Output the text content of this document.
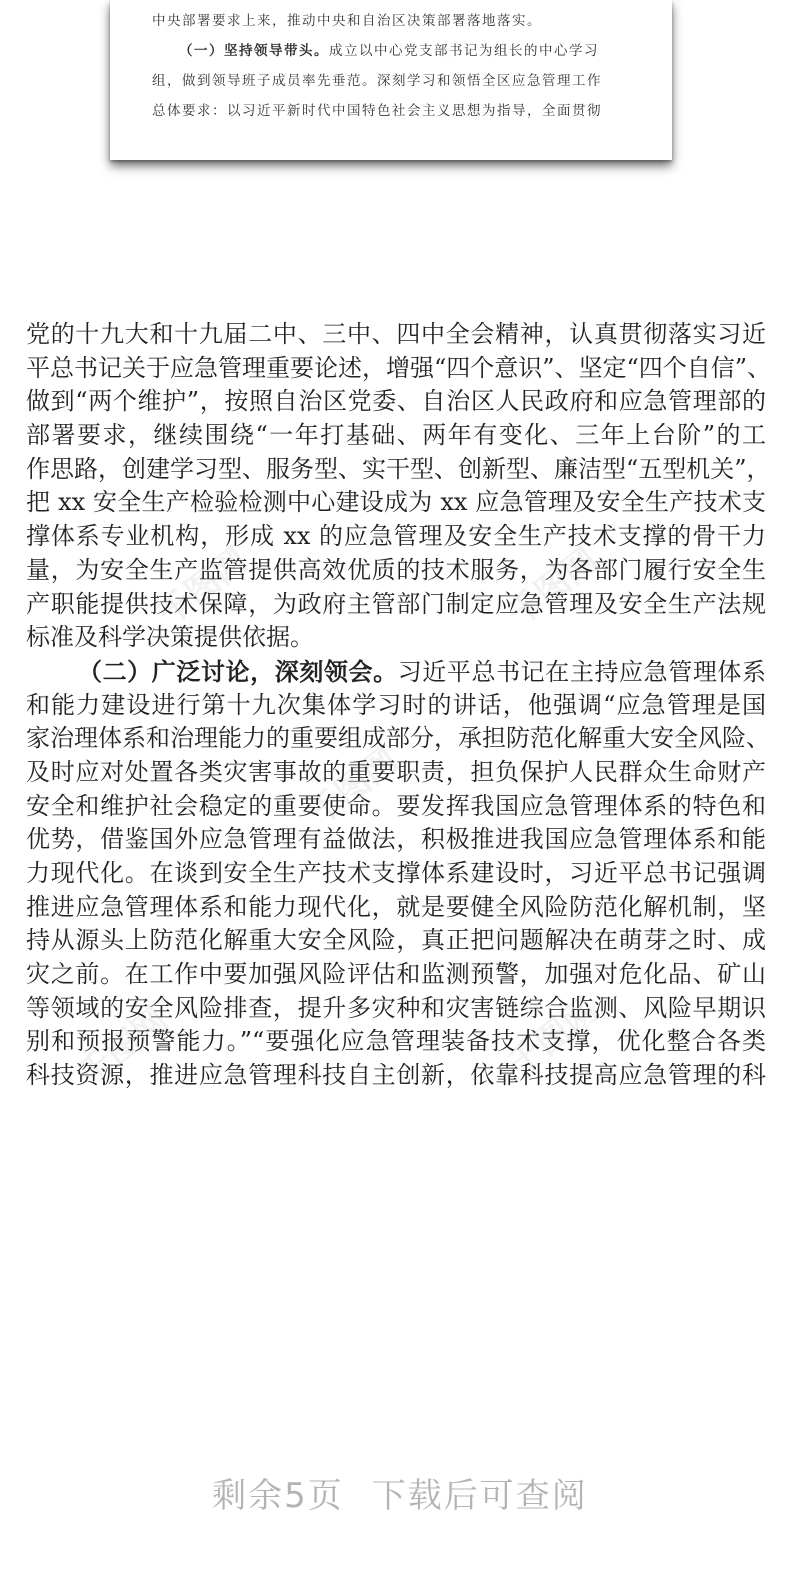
千图网	千图网
千图网
千图网	千图网
中央部署要求上来，推动中央和自治区决策部署落地落实。
（一）坚持领导带头。成立以中心党支部书记为组长的中心学习
组，做到领导班子成员率先垂范。深刻学习和领悟全区应急管理工作
总体要求：以习近平新时代中国特色社会主义思想为指导，全面贯彻
党的十九大和十九届二中、三中、四中全会精神，认真贯彻落实习近
平总书记关于应急管理重要论述，增强“四个意识”、坚定“四个自信”、
做到“两个维护”，按照自治区党委、自治区人民政府和应急管理部的
部署要求，继续围绕“一年打基础、两年有变化、三年上台阶”的工
作思路，创建学习型、服务型、实干型、创新型、廉洁型“五型机关”，
把 xx 安全生产检验检测中心建设成为 xx 应急管理及安全生产技术支
撑体系专业机构，形成 xx 的应急管理及安全生产技术支撑的骨干力
量，为安全生产监管提供高效优质的技术服务，为各部门履行安全生
产职能提供技术保障，为政府主管部门制定应急管理及安全生产法规
标准及科学决策提供依据。
（二）广泛讨论，深刻领会。习近平总书记在主持应急管理体系
和能力建设进行第十九次集体学习时的讲话，他强调“应急管理是国
家治理体系和治理能力的重要组成部分，承担防范化解重大安全风险、
及时应对处置各类灾害事故的重要职责，担负保护人民群众生命财产
安全和维护社会稳定的重要使命。要发挥我国应急管理体系的特色和
优势，借鉴国外应急管理有益做法，积极推进我国应急管理体系和能
力现代化。在谈到安全生产技术支撑体系建设时，习近平总书记强调
推进应急管理体系和能力现代化，就是要健全风险防范化解机制，坚
持从源头上防范化解重大安全风险，真正把问题解决在萌芽之时、成
灾之前。在工作中要加强风险评估和监测预警，加强对危化品、矿山
等领域的安全风险排查，提升多灾种和灾害链综合监测、风险早期识
别和预报预警能力。”“要强化应急管理装备技术支撑，优化整合各类
科技资源，推进应急管理科技自主创新，依靠科技提高应急管理的科
剩余5页 下载后可查阅
